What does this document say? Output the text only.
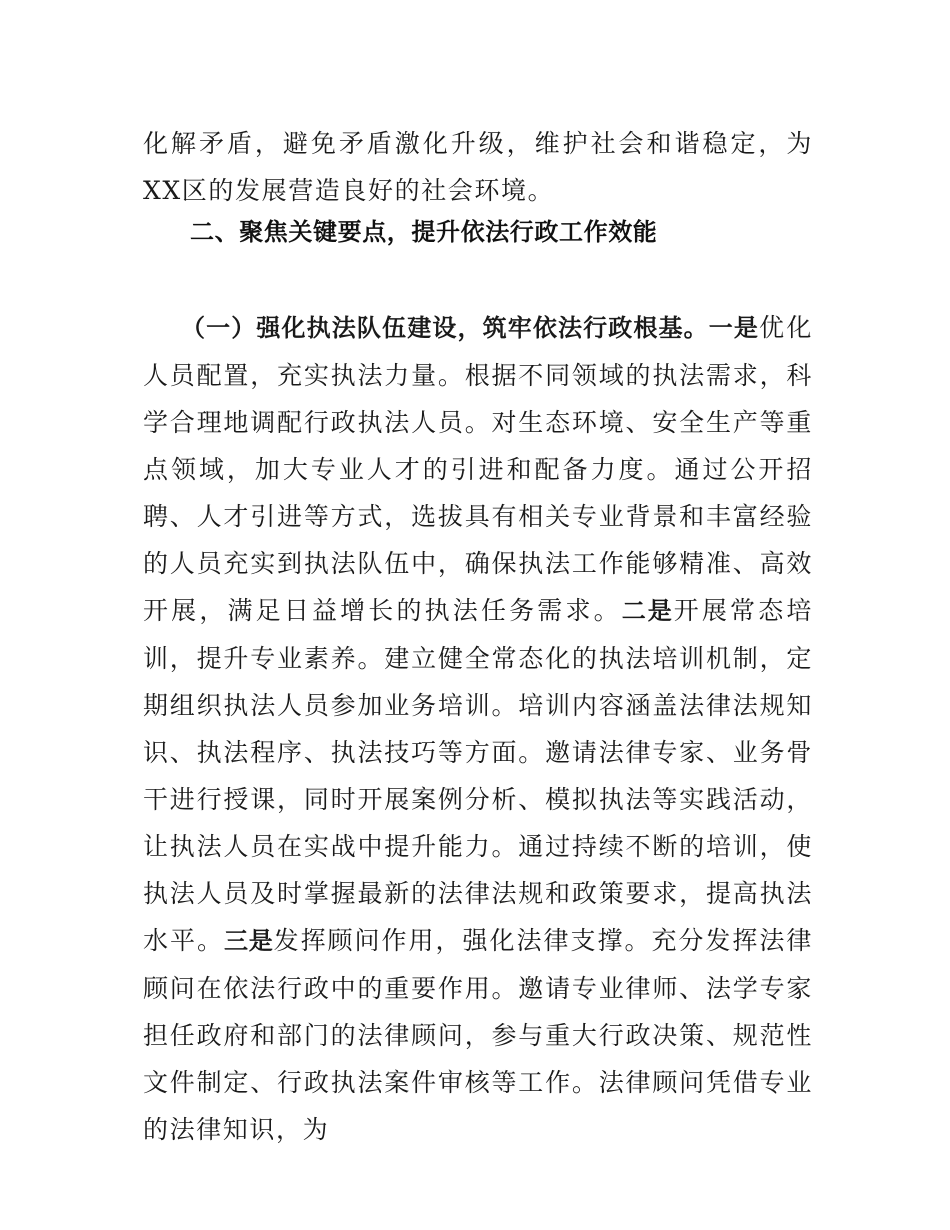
化解矛盾，避免矛盾激化升级，维护社会和谐稳定，为XX区的发展营造良好的社会环境。

二、聚焦关键要点，提升依法行政工作效能

（一）强化执法队伍建设，筑牢依法行政根基。一是优化人员配置，充实执法力量。根据不同领域的执法需求，科学合理地调配行政执法人员。对生态环境、安全生产等重点领域，加大专业人才的引进和配备力度。通过公开招聘、人才引进等方式，选拔具有相关专业背景和丰富经验的人员充实到执法队伍中，确保执法工作能够精准、高效开展，满足日益增长的执法任务需求。二是开展常态培训，提升专业素养。建立健全常态化的执法培训机制，定期组织执法人员参加业务培训。培训内容涵盖法律法规知识、执法程序、执法技巧等方面。邀请法律专家、业务骨干进行授课，同时开展案例分析、模拟执法等实践活动，让执法人员在实战中提升能力。通过持续不断的培训，使执法人员及时掌握最新的法律法规和政策要求，提高执法水平。三是发挥顾问作用，强化法律支撑。充分发挥法律顾问在依法行政中的重要作用。邀请专业律师、法学专家担任政府和部门的法律顾问，参与重大行政决策、规范性文件制定、行政执法案件审核等工作。法律顾问凭借专业的法律知识，为
